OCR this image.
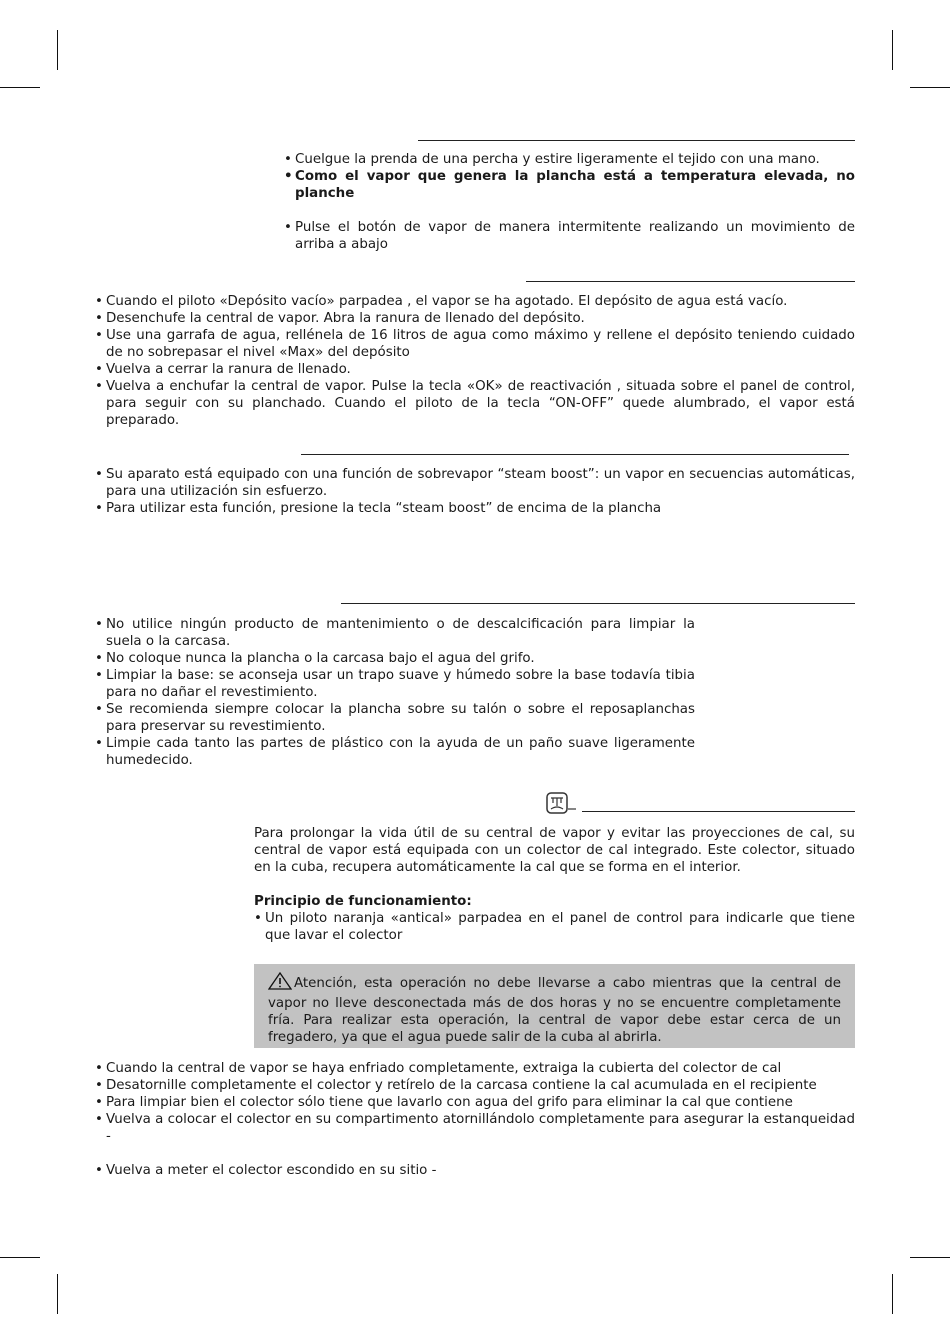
• Cuelgue la prenda de una percha y estire ligeramente el tejido con una mano.
• Como el vapor que genera la plancha está a temperatura elevada, no planche
• Pulse el botón de vapor de manera intermitente realizando un movimiento de arriba a abajo
• Cuando el piloto «Depósito vacío» parpadea , el vapor se ha agotado. El depósito de agua está vacío.
• Desenchufe la central de vapor. Abra la ranura de llenado del depósito.
• Use una garrafa de agua, rellénela de 16 litros de agua como máximo y rellene el depósito teniendo cuidado de no sobrepasar el nivel «Max» del depósito
• Vuelva a cerrar la ranura de llenado.
• Vuelva a enchufar la central de vapor. Pulse la tecla «OK» de reactivación , situada sobre el panel de control, para seguir con su planchado. Cuando el piloto de la tecla “ON-OFF” quede alumbrado, el vapor está preparado.
• Su aparato está equipado con una función de sobrevapor “steam boost”: un vapor en secuencias automáticas, para una utilización sin esfuerzo.
• Para utilizar esta función, presione la tecla “steam boost” de encima de la plancha
• No utilice ningún producto de mantenimiento o de descalcificación para limpiar la suela o la carcasa.
• No coloque nunca la plancha o la carcasa bajo el agua del grifo.
• Limpiar la base: se aconseja usar un trapo suave y húmedo sobre la base todavía tibia para no dañar el revestimiento.
• Se recomienda siempre colocar la plancha sobre su talón o sobre el reposaplanchas para preservar su revestimiento.
• Limpie cada tanto las partes de plástico con la ayuda de un paño suave ligeramente humedecido.

Para prolongar la vida útil de su central de vapor y evitar las proyecciones de cal, su central de vapor está equipada con un colector de cal integrado. Este colector, situado en la cuba, recupera automáticamente la cal que se forma en el interior.

Principio de funcionamiento:

• Un piloto naranja «antical» parpadea en el panel de control para indicarle que tiene que lavar el colector
Atención, esta operación no debe llevarse a cabo mientras que la central de vapor no lleve desconectada más de dos horas y no se encuentre completamente fría. Para realizar esta operación, la central de vapor debe estar cerca de un fregadero, ya que el agua puede salir de la cuba al abrirla.
• Cuando la central de vapor se haya enfriado completamente, extraiga la cubierta del colector de cal
• Desatornille completamente el colector y retírelo de la carcasa contiene la cal acumulada en el recipiente
• Para limpiar bien el colector sólo tiene que lavarlo con agua del grifo para eliminar la cal que contiene
• Vuelva a colocar el colector en su compartimento atornillándolo completamente para asegurar la estanqueidad -
• Vuelva a meter el colector escondido en su sitio -
